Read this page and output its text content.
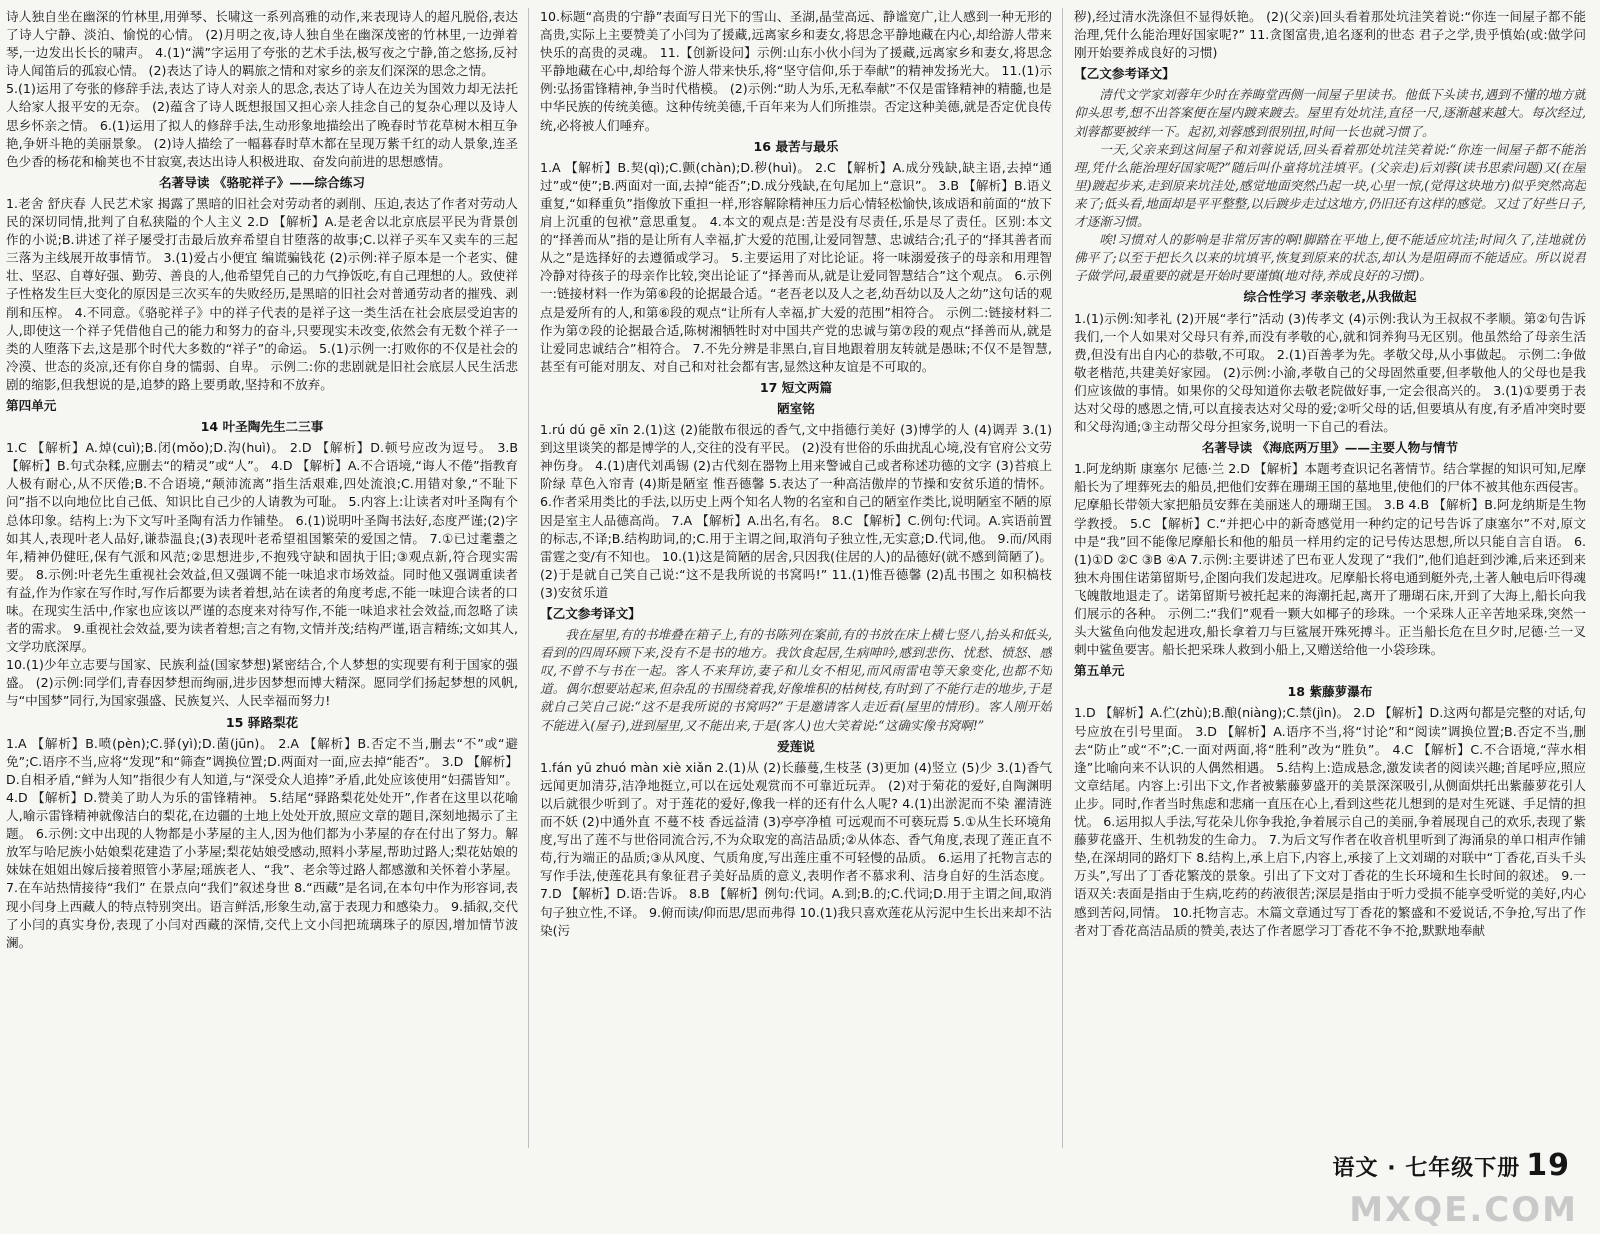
诗人独自坐在幽深的竹林里,用弹琴、长啸这一系列高雅的动作,来表现诗人的超凡脱俗,表达了诗人宁静、淡泊、愉悦的心情。 (2)月明之夜,诗人独自坐在幽深茂密的竹林里,一边弹着琴,一边发出长长的啸声。 4.(1)“满”字运用了夸张的艺术手法,极写夜之宁静,笛之悠扬,反衬诗人闻笛后的孤寂心情。 (2)表达了诗人的羁旅之情和对家乡的亲友们深深的思念之情。

5.(1)运用了夸张的修辞手法,表达了诗人对亲人的思念,表达了诗人在边关为国效力却无法托人给家人报平安的无奈。 (2)蕴含了诗人既想报国又担心亲人挂念自己的复杂心理以及诗人思乡怀亲之情。 6.(1)运用了拟人的修辞手法,生动形象地描绘出了晚春时节花草树木相互争艳,争妍斗艳的美丽景象。 (2)诗人描绘了一幅暮春时草木都在呈现万紫千红的动人景象,连圣色少香的杨花和榆荚也不甘寂寞,表达出诗人积极进取、奋发向前进的思想感情。

名著导读 《骆驼祥子》——综合练习

1.老舍 舒庆春 人民艺术家 揭露了黑暗的旧社会对劳动者的剥削、压迫,表达了作者对劳动人民的深切同情,批判了自私狭隘的个人主义 2.D 【解析】A.是老舍以北京底层平民为背景创作的小说;B.讲述了祥子屡受打击最后放弃希望自甘堕落的故事;C.以祥子买车又卖车的三起三落为主线展开故事情节。 3.(1)爱占小便宜 编谎骗钱花 (2)示例:祥子原本是一个老实、健壮、坚忍、自尊好强、勤劳、善良的人,他希望凭自己的力气挣饭吃,有自己理想的人。致使祥子性格发生巨大变化的原因是三次买车的失败经历,是黑暗的旧社会对普通劳动者的摧残、剥削和压榨。 4.不同意。《骆驼祥子》中的祥子代表的是祥子这一类生活在社会底层受迫害的人,即使这一个祥子凭借他自己的能力和努力的奋斗,只要现实未改变,依然会有无数个祥子一类的人堕落下去,这是那个时代大多数的“祥子”的命运。 5.(1)示例一:打败你的不仅是社会的冷漠、世态的炎凉,还有你自身的懦弱、自卑。 示例二:你的悲剧就是旧社会底层人民生活悲剧的缩影,但我想说的是,追梦的路上要勇敢,坚持和不放弃。

第四单元

14 叶圣陶先生二三事

1.C 【解析】A.焯(cuì);B.闭(mǒo);D.沟(huì)。 2.D 【解析】D.顿号应改为逗号。 3.B 【解析】B.句式杂糅,应删去“的精灵”或“人”。 4.D 【解析】A.不合语境,“诲人不倦”指教育人极有耐心,从不厌倦;B.不合语境,“颠沛流离”指生活艰难,四处流浪;C.用错对象,“不耻下问”指不以向地位比自己低、知识比自己少的人请教为可耻。 5.内容上:让读者对叶圣陶有个总体印象。结构上:为下文写叶圣陶有活力作铺垫。 6.(1)说明叶圣陶书法好,态度严谨;(2)字如其人,表现叶老人品好,谦恭温良;(3)表现叶老希望祖国繁荣的爱国之情。 7.①已过耄耋之年,精神仍健旺,保有气派和风范;②思想进步,不抱残守缺和固执于旧;③观点新,符合现实需要。 8.示例:叶老先生重视社会效益,但又强调不能一味追求市场效益。同时他又强调重读者有益,作为作家在写作时,写作后都要为读者着想,站在读者的角度考虑,不能一味迎合读者的口味。在现实生活中,作家也应该以严谨的态度来对待写作,不能一味追求社会效益,而忽略了读者的需求。 9.重视社会效益,要为读者着想;言之有物,文情并茂;结构严谨,语言精练;文如其人,文学功底深厚。

10.(1)少年立志要与国家、民族利益(国家梦想)紧密结合,个人梦想的实现要有利于国家的强盛。 (2)示例:同学们,青春因梦想而绚丽,进步因梦想而博大精深。愿同学们扬起梦想的风帆,与“中国梦”同行,为国家强盛、民族复兴、人民幸福而努力!

15 驿路梨花

1.A 【解析】B.喷(pèn);C.驿(yì);D.菌(jūn)。 2.A 【解析】B.否定不当,删去“不”或“避免”;C.语序不当,应将“发现”和“筛查”调换位置;D.两面对一面,应去掉“能否”。 3.D 【解析】D.自相矛盾,“鲜为人知”指很少有人知道,与“深受众人追捧”矛盾,此处应该使用“妇孺皆知”。 4.D 【解析】D.赞美了助人为乐的雷锋精神。 5.结尾“驿路梨花处处开”,作者在这里以花喻人,喻示雷锋精神就像洁白的梨花,在边疆的土地上处处开放,照应文章的题目,深刻地揭示了主题。 6.示例:文中出现的人物都是小茅屋的主人,因为他们都为小茅屋的存在付出了努力。解放军与哈尼族小姑娘梨花建造了小茅屋;梨花姑娘受感动,照料小茅屋,帮助过路人;梨花姑娘的妹妹在姐姐出嫁后接着照管小茅屋;瑶族老人、“我”、老余等过路人都感激和关怀着小茅屋。 7.在车站热情接待“我们” 在景点向“我们”叙述身世 8.“西藏”是名词,在本句中作为形容词,表现小闫身上西藏人的特点特别突出。语言鲜活,形象生动,富于表现力和感染力。 9.插叙,交代了小闫的真实身份,表现了小闫对西藏的深情,交代上文小闫把琉璃珠子的原因,增加情节波澜。

10.标题“高贵的宁静”表面写日光下的雪山、圣湖,晶莹高远、静谧宽广,让人感到一种无形的高贵,实际上主要赞美了小闫为了援藏,远离家乡和妻女,将思念平静地藏在内心,却给游人带来快乐的高贵的灵魂。 11.【创新设问】示例:山东小伙小闫为了援藏,远离家乡和妻女,将思念平静地藏在心中,却给每个游人带来快乐,将“坚守信仰,乐于奉献”的精神发扬光大。 11.(1)示例:弘扬雷锋精神,争当时代楷模。 (2)示例:“助人为乐,无私奉献”不仅是雷锋精神的精髓,也是中华民族的传统美德。这种传统美德,千百年来为人们所推崇。否定这种美德,就是否定优良传统,必将被人们唾弃。

16 最苦与最乐

1.A 【解析】B.契(qì);C.颤(chàn);D.秽(huì)。 2.C 【解析】A.成分残缺,缺主语,去掉“通过”或“使”;B.两面对一面,去掉“能否”;D.成分残缺,在句尾加上“意识”。 3.B 【解析】B.语义重复,“如释重负”指像放下重担一样,形容解除精神压力后心情轻松愉快,该成语和前面的“放下肩上沉重的包袱”意思重复。 4.本文的观点是:苦是没有尽责任,乐是尽了责任。区别:本文的“择善而从”指的是让所有人幸福,扩大爱的范围,让爱同智慧、忠诚结合;孔子的“择其善者而从之”是选择好的去遵循或学习。 5.主要运用了对比论证。将一味溺爱孩子的母亲和用理智冷静对待孩子的母亲作比较,突出论证了“择善而从,就是让爱同智慧结合”这个观点。 6.示例一:链接材料一作为第⑥段的论据最合适。“老吾老以及人之老,幼吾幼以及人之幼”这句话的观点是爱所有的人,和第⑥段的观点“让所有人幸福,扩大爱的范围”相符合。 示例二:链接材料二作为第⑦段的论据最合适,陈树湘牺牲时对中国共产党的忠诚与第⑦段的观点“择善而从,就是让爱同忠诚结合”相符合。 7.不先分辨是非黑白,盲目地跟着朋友转就是愚昧;不仅不是智慧,甚至有可能对朋友、对自己和对社会都有害,显然这种友谊是不可取的。

17 短文两篇

陋室铭

1.rú dú gē xīn 2.(1)这 (2)能散布很远的香气,文中指德行美好 (3)博学的人 (4)调弄 3.(1)到这里谈笑的都是博学的人,交往的没有平民。 (2)没有世俗的乐曲扰乱心境,没有官府公文劳神伤身。 4.(1)唐代刘禹锡 (2)古代刻在器物上用来警诫自己或者称述功德的文字 (3)苔痕上阶绿 草色入帘青 (4)斯是陋室 惟吾德馨 5.表达了一种高洁傲岸的节操和安贫乐道的情怀。 6.作者采用类比的手法,以历史上两个知名人物的名室和自己的陋室作类比,说明陋室不陋的原因是室主人品德高尚。 7.A 【解析】A.出名,有名。 8.C 【解析】C.例句:代词。A.宾语前置的标志,不译;B.结构助词,的;C.用于主谓之间,取消句子独立性,无实意;D.代词,他。 9.而/风雨雷霆之变/有不知也。 10.(1)这是简陋的居舍,只因我(住居的人)的品德好(就不感到简陋了)。 (2)于是就自己笑自己说:“这不是我所说的书窝吗!” 11.(1)惟吾德馨 (2)乱书围之 如积槁枝 (3)安贫乐道

【乙文参考译文】

我在屋里,有的书堆叠在箱子上,有的书陈列在案前,有的书放在床上横七竖八,抬头和低头,看到的四周环顾下来,没有不是书的地方。我饮食起居,生病呻吟,感到悲伤、忧愁、愤怒、感叹,不曾不与书在一起。客人不来拜访,妻子和儿女不相见,而风雨雷电等天象变化,也都不知道。偶尔想要站起来,但杂乱的书围绕着我,好像堆积的枯树枝,有时到了不能行走的地步,于是就自己笑自己说:“这不是我所说的书窝吗?”于是邀请客人走近看(屋里的情形)。客人刚开始不能进入(屋子),进到屋里,又不能出来,于是(客人)也大笑着说:“这确实像书窝啊!”

爱莲说

1.fán yū zhuó màn xiè xiǎn 2.(1)从 (2)长藤蔓,生枝茎 (3)更加 (4)竖立 (5)少 3.(1)香气远闻更加清芬,洁净地挺立,可以在远处观赏而不可靠近玩弄。 (2)对于菊花的爱好,自陶渊明以后就很少听到了。对于莲花的爱好,像我一样的还有什么人呢? 4.(1)出淤泥而不染 濯清涟而不妖 (2)中通外直 不蔓不枝 香远益清 (3)亭亭净植 可远观而不可亵玩焉 5.①从生长环境角度,写出了莲不与世俗同流合污,不为众取宠的高洁品质;②从体态、香气角度,表现了莲正直不苟,行为端正的品质;③从风度、气质角度,写出莲庄重不可轻慢的品质。 6.运用了托物言志的写作手法,使莲花具有象征君子美好品质的意义,表明作者不慕求利、洁身自好的生活态度。 7.D 【解析】D.语:告诉。 8.B 【解析】例句:代词。A.到;B.的;C.代词;D.用于主谓之间,取消句子独立性,不译。 9.俯而读/仰而思/思而弗得 10.(1)我只喜欢莲花从污泥中生长出来却不沾染(污

秽),经过清水洗涤但不显得妖艳。 (2)(父亲)回头看着那处坑洼笑着说:“你连一间屋子都不能治理,凭什么能治理好国家呢?” 11.贪图富贵,追名逐利的世态 君子之学,贵乎慎始(或:做学问刚开始要养成良好的习惯)

【乙文参考译文】

清代文学家刘蓉年少时在养晦堂西侧一间屋子里读书。他低下头读书,遇到不懂的地方就仰头思考,想不出答案便在屋内踱来踱去。屋里有处坑洼,直径一尺,逐渐越来越大。每次经过,刘蓉都要被绊一下。起初,刘蓉感到很别扭,时间一长也就习惯了。

一天,父亲来到这间屋子和刘蓉说话,回头看着那处坑洼笑着说:“你连一间屋子都不能治理,凭什么能治理好国家呢?”随后叫仆童将坑洼填平。(父亲走)后刘蓉(读书思索问题)又(在屋里)踱起步来,走到原来坑洼处,感觉地面突然凸起一块,心里一惊,(觉得这块地方)似乎突然高起来了;低头看,地面却是平平整整,以后踱步走过这地方,仍旧还有这样的感觉。又过了好些日子,才逐渐习惯。

唉!习惯对人的影响是非常厉害的啊!脚踏在平地上,便不能适应坑洼;时间久了,洼地就仿佛平了;以至于把长久以来的坑填平,恢复到原来的状态,却认为是阻碍而不能适应。所以说君子做学问,最重要的就是开始时要谨慎(地对待,养成良好的习惯)。

综合性学习 孝亲敬老,从我做起

1.(1)示例:知孝礼 (2)开展“孝行”活动 (3)传孝文 (4)示例:我认为王叔叔不孝顺。第②句告诉我们,一个人如果对父母只有养,而没有孝敬的心,就和饲养狗马无区别。他虽然给了母亲生活费,但没有出自内心的恭敬,不可取。 2.(1)百善孝为先。孝敬父母,从小事做起。 示例二:争做敬老楷范,共建美好家园。 (2)示例:小渝,孝敬自己的父母固然重要,但孝敬他人的父母也是我们应该做的事情。如果你的父母知道你去敬老院做好事,一定会很高兴的。 3.(1)①要勇于表达对父母的感恩之情,可以直接表达对父母的爱;②听父母的话,但要填从有度,有矛盾冲突时要和父母沟通;③主动帮父母分担家务,说明一下自己的看法。

名著导读 《海底两万里》——主要人物与情节

1.阿龙纳斯 康塞尔 尼德·兰 2.D 【解析】本题考查识记名著情节。结合掌握的知识可知,尼摩船长为了埋葬死去的船员,把他们安葬在珊瑚王国的墓地里,使他们的尸体不被其他东西侵害。尼摩船长带领大家把船员安葬在美丽迷人的珊瑚王国。 3.B 4.B 【解析】B.阿龙纳斯是生物学教授。 5.C 【解析】C.“并把心中的新奇感觉用一种约定的记号告诉了康塞尔”不对,原文中是“我”回不能像尼摩船长和他的船员一样用约定的记号传达思想,所以只能自言自语。 6.(1)①D ②C ③B ④A 7.示例:主要讲述了巴布亚人发现了“我们”,他们追赶到沙滩,后来还到来独木舟围住诺第留斯号,企图向我们发起进攻。尼摩船长将电通到艇外壳,土著人触电后吓得魂飞魄散地退走了。诺第留斯号被托起来的海潮托起,离开了珊瑚石床,开到了大海上,船长向我们展示的各种。 示例二:“我们”观看一颗大如椰子的珍珠。一个采珠人正辛苦地采珠,突然一头大鲨鱼向他发起进攻,船长拿着刀与巨鲨展开殊死搏斗。正当船长危在旦夕时,尼德·兰一叉刺中鲨鱼要害。船长把采珠人救到小船上,又赠送给他一小袋珍珠。

第五单元

18 紫藤萝瀑布

1.D 【解析】A.伫(zhù);B.酿(niàng);C.禁(jìn)。 2.D 【解析】D.这两句都是完整的对话,句号应放在引号里面。 3.D 【解析】A.语序不当,将“讨论”和“阅读”调换位置;B.否定不当,删去“防止”或“不”;C.一面对两面,将“胜利”改为“胜负”。 4.C 【解析】C.不合语境,“萍水相逢”比喻向来不认识的人偶然相遇。 5.结构上:造成悬念,激发读者的阅读兴趣;首尾呼应,照应文章结尾。内容上:引出下文,作者被紫藤萝盛开的美景深深吸引,从侧面烘托出紫藤萝花引人止步。同时,作者当时焦虑和悲痛一直压在心上,看到这些花儿想到的是对生死谜、手足情的担忧。 6.运用拟人手法,写花朵儿你争我抢,争着展示自己的美丽,争着展现自己的欢乐,表现了紫藤萝花盛开、生机勃发的生命力。 7.为后文写作者在收音机里听到了海涌泉的单口相声作铺垫,在深胡同的路灯下 8.结构上,承上启下,内容上,承接了上文刘瑚的对联中“丁香花,百头千头万头”,写出了丁香花繁茂的景象。引出了下文对丁香花的生长环境和生长时间的叙述。 9.一语双关:表面是指由于生病,吃药的药液很苦;深层是指由于听力受损不能享受听觉的美好,内心感到苦闷,同情。 10.托物言志。木篇文章通过写丁香花的繁盛和不爱说话,不争抢,写出了作者对丁香花高洁品质的赞美,表达了作者愿学习丁香花不争不抢,默默地奉献

语文 · 七年级下册 19
MXQE.COM
